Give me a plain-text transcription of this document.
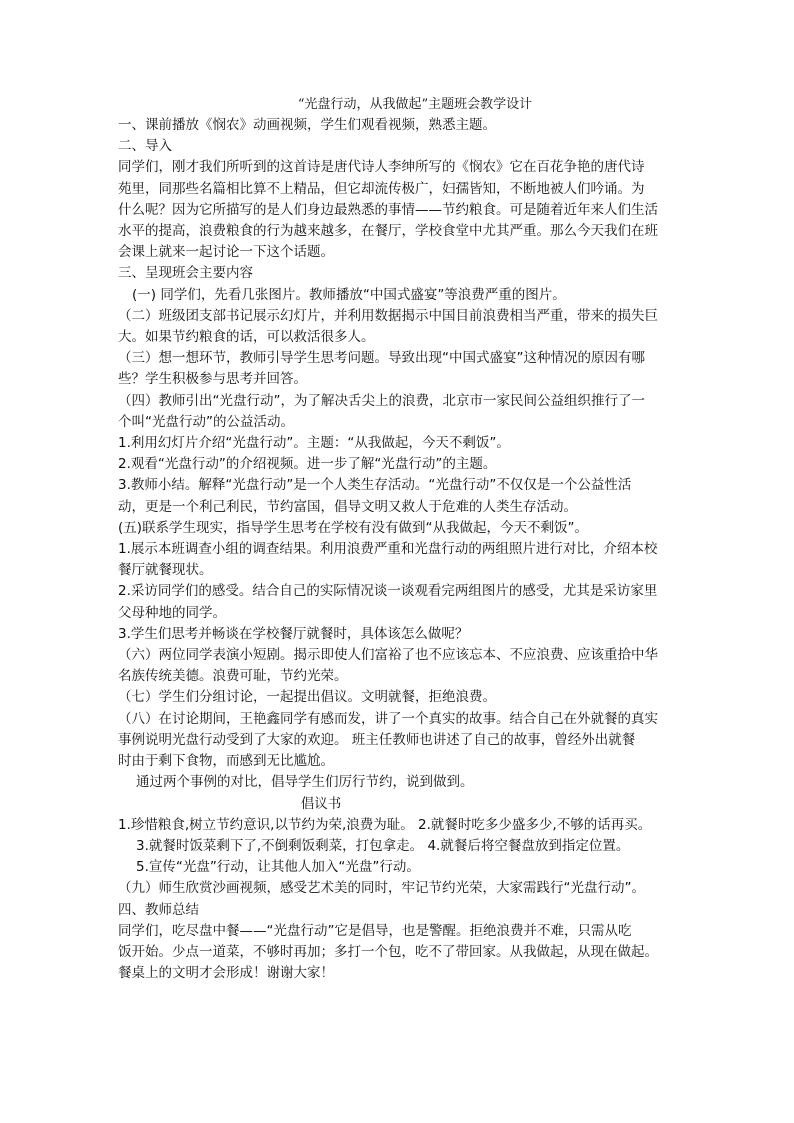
“光盘行动，从我做起”主题班会教学设计
一、课前播放《悯农》动画视频，学生们观看视频，熟悉主题。
二、导入
同学们，刚才我们所听到的这首诗是唐代诗人李绅所写的《悯农》它在百花争艳的唐代诗
苑里，同那些名篇相比算不上精品，但它却流传极广，妇孺皆知，不断地被人们吟诵。为
什么呢？因为它所描写的是人们身边最熟悉的事情——节约粮食。可是随着近年来人们生活
水平的提高，浪费粮食的行为越来越多，在餐厅，学校食堂中尤其严重。那么今天我们在班
会课上就来一起讨论一下这个话题。
三、呈现班会主要内容
(一) 同学们，先看几张图片。教师播放“中国式盛宴”等浪费严重的图片。
（二）班级团支部书记展示幻灯片，并利用数据揭示中国目前浪费相当严重，带来的损失巨
大。如果节约粮食的话，可以救活很多人。
（三）想一想环节，教师引导学生思考问题。导致出现“中国式盛宴”这种情况的原因有哪
些？学生积极参与思考并回答。
（四）教师引出“光盘行动”，为了解决舌尖上的浪费，北京市一家民间公益组织推行了一
个叫“光盘行动”的公益活动。
1.利用幻灯片介绍“光盘行动”。主题：“从我做起，今天不剩饭”。
2.观看“光盘行动”的介绍视频。进一步了解“光盘行动”的主题。
3.教师小结。解释“光盘行动”是一个人类生存活动。“光盘行动”不仅仅是一个公益性活
动，更是一个利己利民，节约富国，倡导文明又救人于危难的人类生存活动。
(五)联系学生现实，指导学生思考在学校有没有做到“从我做起，今天不剩饭”。
1.展示本班调查小组的调查结果。利用浪费严重和光盘行动的两组照片进行对比，介绍本校
餐厅就餐现状。
2.采访同学们的感受。结合自己的实际情况谈一谈观看完两组图片的感受，尤其是采访家里
父母种地的同学。
3.学生们思考并畅谈在学校餐厅就餐时，具体该怎么做呢？
（六）两位同学表演小短剧。揭示即使人们富裕了也不应该忘本、不应浪费、应该重拾中华
名族传统美德。浪费可耻，节约光荣。
（七）学生们分组讨论，一起提出倡议。文明就餐，拒绝浪费。
（八）在讨论期间，王艳鑫同学有感而发，讲了一个真实的故事。结合自己在外就餐的真实
事例说明光盘行动受到了大家的欢迎。 班主任教师也讲述了自己的故事，曾经外出就餐
时由于剩下食物，而感到无比尴尬。
通过两个事例的对比，倡导学生们厉行节约，说到做到。
倡议书
1.珍惜粮食,树立节约意识,以节约为荣,浪费为耻。 2.就餐时吃多少盛多少,不够的话再买。
3.就餐时饭菜剩下了,不倒剩饭剩菜，打包拿走。 4.就餐后将空餐盘放到指定位置。
5.宣传“光盘”行动，让其他人加入“光盘”行动。
（九）师生欣赏沙画视频，感受艺术美的同时，牢记节约光荣，大家需践行“光盘行动”。
四、教师总结
同学们，吃尽盘中餐——“光盘行动”它是倡导，也是警醒。拒绝浪费并不难，只需从吃
饭开始。少点一道菜，不够时再加；多打一个包，吃不了带回家。从我做起，从现在做起。
餐桌上的文明才会形成！谢谢大家！
